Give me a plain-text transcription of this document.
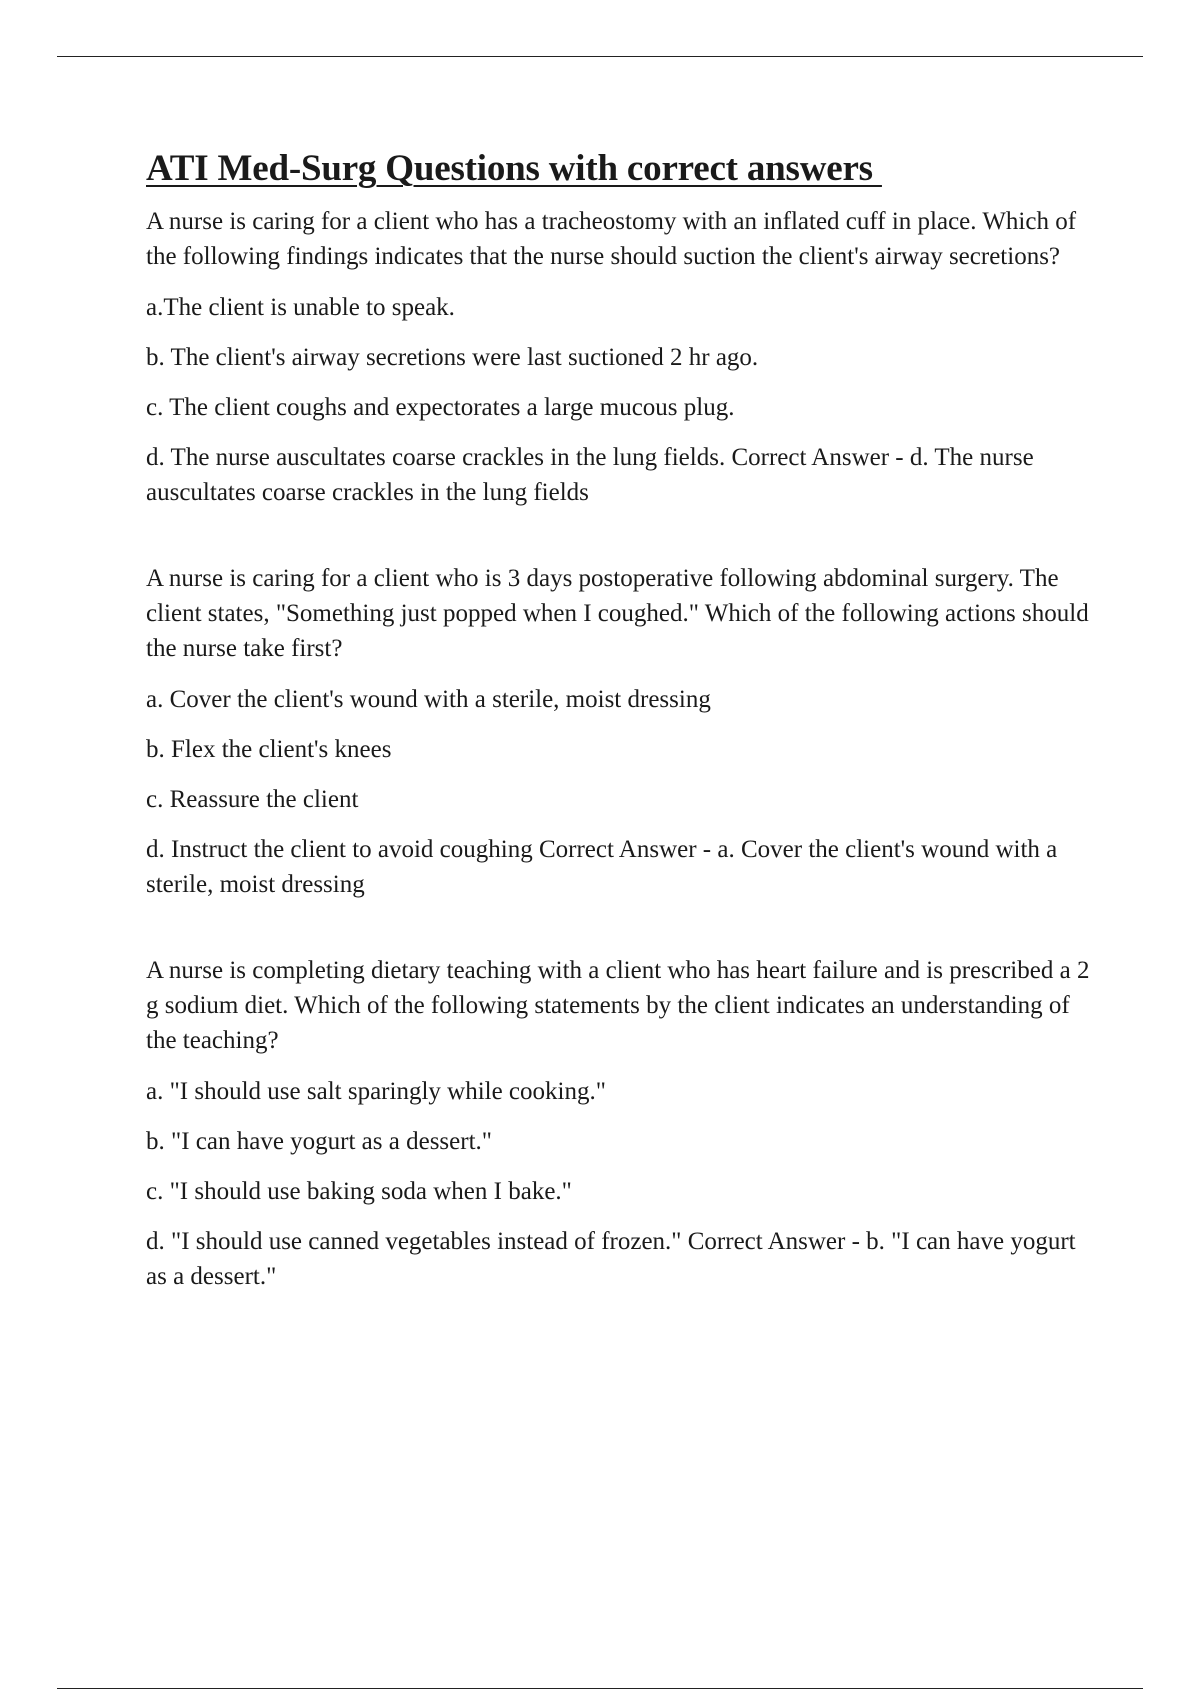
ATI Med-Surg Questions with correct answers

A nurse is caring for a client who has a tracheostomy with an inflated cuff in place. Which of the following findings indicates that the nurse should suction the client's airway secretions?

a.The client is unable to speak.

b. The client's airway secretions were last suctioned 2 hr ago.

c. The client coughs and expectorates a large mucous plug.

d. The nurse auscultates coarse crackles in the lung fields. Correct Answer - d. The nurse auscultates coarse crackles in the lung fields

A nurse is caring for a client who is 3 days postoperative following abdominal surgery. The client states, "Something just popped when I coughed." Which of the following actions should the nurse take first?

a. Cover the client's wound with a sterile, moist dressing

b. Flex the client's knees

c. Reassure the client

d. Instruct the client to avoid coughing Correct Answer - a. Cover the client's wound with a sterile, moist dressing

A nurse is completing dietary teaching with a client who has heart failure and is prescribed a 2 g sodium diet. Which of the following statements by the client indicates an understanding of the teaching?

a. "I should use salt sparingly while cooking."

b. "I can have yogurt as a dessert."

c. "I should use baking soda when I bake."

d. "I should use canned vegetables instead of frozen." Correct Answer - b. "I can have yogurt as a dessert."
